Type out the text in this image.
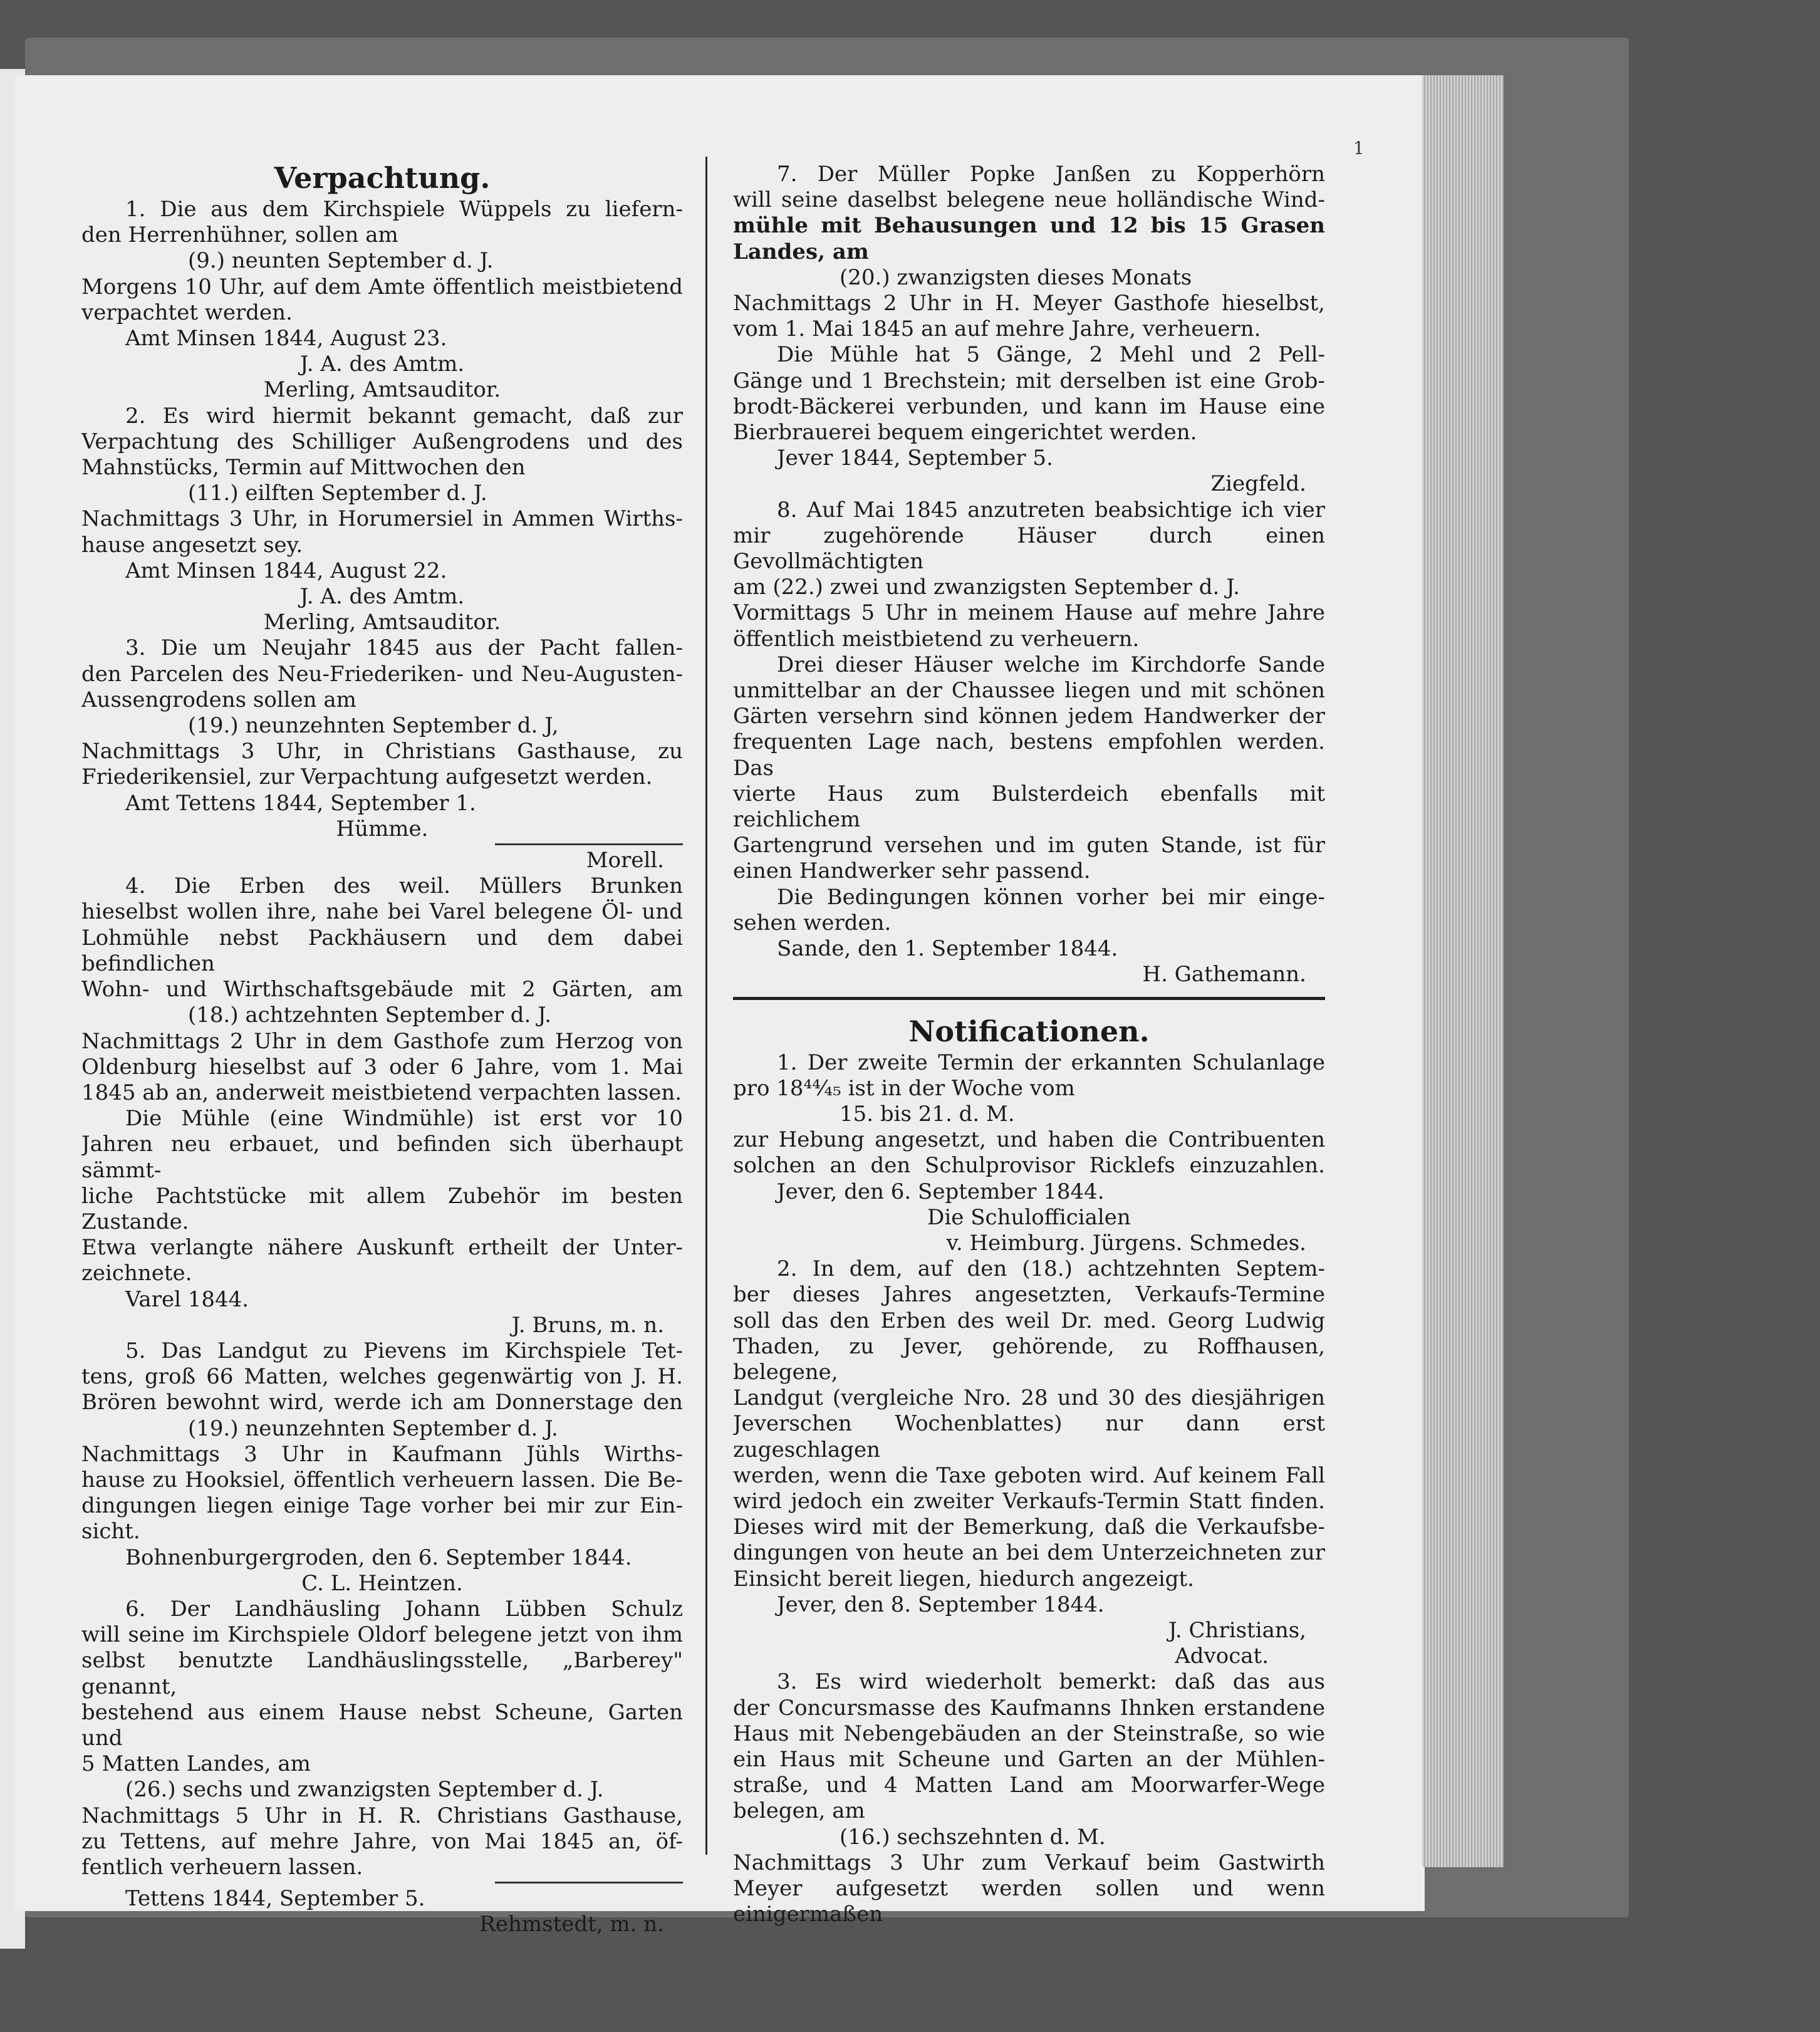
1

Verpachtung.

1. Die aus dem Kirchspiele Wüppels zu liefern-

den Herrenhühner, sollen am

(9.) neunten September d. J.

Morgens 10 Uhr, auf dem Amte öffentlich meistbietend

verpachtet werden.

Amt Minsen 1844, August 23.

J. A. des Amtm.

Merling, Amtsauditor.

2. Es wird hiermit bekannt gemacht, daß zur

Verpachtung des Schilliger Außengrodens und des

Mahnstücks, Termin auf Mittwochen den

(11.) eilften September d. J.

Nachmittags 3 Uhr, in Horumersiel in Ammen Wirths-

hause angesetzt sey.

Amt Minsen 1844, August 22.

J. A. des Amtm.

Merling, Amtsauditor.

3. Die um Neujahr 1845 aus der Pacht fallen-

den Parcelen des Neu-Friederiken- und Neu-Augusten-

Aussengrodens sollen am

(19.) neunzehnten September d. J,

Nachmittags 3 Uhr, in Christians Gasthause, zu

Friederikensiel, zur Verpachtung aufgesetzt werden.

Amt Tettens 1844, September 1.

Hümme.

Morell.

4. Die Erben des weil. Müllers Brunken

hieselbst wollen ihre, nahe bei Varel belegene Öl- und

Lohmühle nebst Packhäusern und dem dabei befindlichen

Wohn- und Wirthschaftsgebäude mit 2 Gärten, am

(18.) achtzehnten September d. J.

Nachmittags 2 Uhr in dem Gasthofe zum Herzog von

Oldenburg hieselbst auf 3 oder 6 Jahre, vom 1. Mai

1845 ab an, anderweit meistbietend verpachten lassen.

Die Mühle (eine Windmühle) ist erst vor 10

Jahren neu erbauet, und befinden sich überhaupt sämmt-

liche Pachtstücke mit allem Zubehör im besten Zustande.

Etwa verlangte nähere Auskunft ertheilt der Unter-

zeichnete.

Varel 1844.

J. Bruns, m. n.

5. Das Landgut zu Pievens im Kirchspiele Tet-

tens, groß 66 Matten, welches gegenwärtig von J. H.

Brören bewohnt wird, werde ich am Donnerstage den

(19.) neunzehnten September d. J.

Nachmittags 3 Uhr in Kaufmann Jühls Wirths-

hause zu Hooksiel, öffentlich verheuern lassen. Die Be-

dingungen liegen einige Tage vorher bei mir zur Ein-

sicht.

Bohnenburgergroden, den 6. September 1844.

C. L. Heintzen.

6. Der Landhäusling Johann Lübben Schulz

will seine im Kirchspiele Oldorf belegene jetzt von ihm

selbst benutzte Landhäuslingsstelle, „Barberey" genannt,

bestehend aus einem Hause nebst Scheune, Garten und

5 Matten Landes, am

(26.) sechs und zwanzigsten September d. J.

Nachmittags 5 Uhr in H. R. Christians Gasthause,

zu Tettens, auf mehre Jahre, von Mai 1845 an, öf-

fentlich verheuern lassen.

Tettens 1844, September 5.

Rehmstedt, m. n.

7. Der Müller Popke Janßen zu Kopperhörn

will seine daselbst belegene neue holländische Wind-

mühle mit Behausungen und 12 bis 15 Grasen

Landes, am

(20.) zwanzigsten dieses Monats

Nachmittags 2 Uhr in H. Meyer Gasthofe hieselbst,

vom 1. Mai 1845 an auf mehre Jahre, verheuern.

Die Mühle hat 5 Gänge, 2 Mehl und 2 Pell-

Gänge und 1 Brechstein; mit derselben ist eine Grob-

brodt-Bäckerei verbunden, und kann im Hause eine

Bierbrauerei bequem eingerichtet werden.

Jever 1844, September 5.

Ziegfeld.

8. Auf Mai 1845 anzutreten beabsichtige ich vier

mir zugehörende Häuser durch einen Gevollmächtigten

am (22.) zwei und zwanzigsten September d. J.

Vormittags 5 Uhr in meinem Hause auf mehre Jahre

öffentlich meistbietend zu verheuern.

Drei dieser Häuser welche im Kirchdorfe Sande

unmittelbar an der Chaussee liegen und mit schönen

Gärten versehrn sind können jedem Handwerker der

frequenten Lage nach, bestens empfohlen werden. Das

vierte Haus zum Bulsterdeich ebenfalls mit reichlichem

Gartengrund versehen und im guten Stande, ist für

einen Handwerker sehr passend.

Die Bedingungen können vorher bei mir einge-

sehen werden.

Sande, den 1. September 1844.

H. Gathemann.

Notificationen.

1. Der zweite Termin der erkannten Schulanlage

pro 18⁴⁴⁄₄₅ ist in der Woche vom

15. bis 21. d. M.

zur Hebung angesetzt, und haben die Contribuenten

solchen an den Schulprovisor Ricklefs einzuzahlen.

Jever, den 6. September 1844.

Die Schulofficialen

v. Heimburg. Jürgens. Schmedes.

2. In dem, auf den (18.) achtzehnten Septem-

ber dieses Jahres angesetzten, Verkaufs-Termine

soll das den Erben des weil Dr. med. Georg Ludwig

Thaden, zu Jever, gehörende, zu Roffhausen, belegene,

Landgut (vergleiche Nro. 28 und 30 des diesjährigen

Jeverschen Wochenblattes) nur dann erst zugeschlagen

werden, wenn die Taxe geboten wird. Auf keinem Fall

wird jedoch ein zweiter Verkaufs-Termin Statt finden.

Dieses wird mit der Bemerkung, daß die Verkaufsbe-

dingungen von heute an bei dem Unterzeichneten zur

Einsicht bereit liegen, hiedurch angezeigt.

Jever, den 8. September 1844.

J. Christians,

Advocat.

3. Es wird wiederholt bemerkt: daß das aus

der Concursmasse des Kaufmanns Ihnken erstandene

Haus mit Nebengebäuden an der Steinstraße, so wie

ein Haus mit Scheune und Garten an der Mühlen-

straße, und 4 Matten Land am Moorwarfer-Wege

belegen, am

(16.) sechszehnten d. M.

Nachmittags 3 Uhr zum Verkauf beim Gastwirth

Meyer aufgesetzt werden sollen und wenn einigermaßen
